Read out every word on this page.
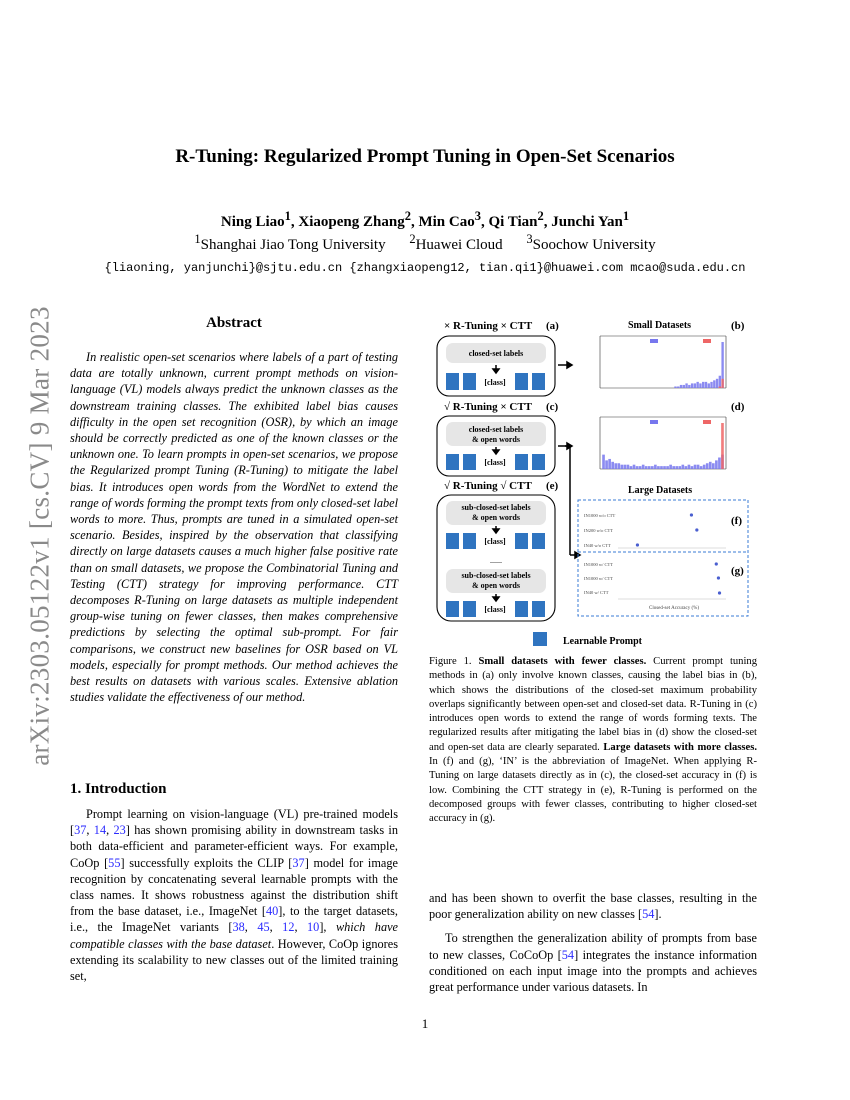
R-Tuning: Regularized Prompt Tuning in Open-Set Scenarios
Ning Liao$^1$, Xiaopeng Zhang$^2$, Min Cao$^3$, Qi Tian$^2$, Junchi Yan$^1$
$^1$Shanghai Jiao Tong University $^2$Huawei Cloud $^3$Soochow University
{liaoning, yanjunchi}@sjtu.edu.cn {zhangxiaopeng12, tian.qi1}@huawei.com mcao@suda.edu.cn
arXiv:2303.05122v1 [cs.CV] 9 Mar 2023	Abstract
In realistic open-set scenarios where labels of a part of testing data are totally unknown, current prompt methods on vision-language (VL) models always predict the unknown classes as the downstream training classes. The exhibited label bias causes difficulty in the open set recognition (OSR), by which an image should be correctly predicted as one of the known classes or the unknown one. To learn prompts in open-set scenarios, we propose the Regularized prompt Tuning (R-Tuning) to mitigate the label bias. It introduces open words from the WordNet to extend the range of words forming the prompt texts from only closed-set label words to more. Thus, prompts are tuned in a simulated open-set scenario. Besides, inspired by the observation that classifying directly on large datasets causes a much higher false positive rate than on small datasets, we propose the Combinatorial Tuning and Testing (CTT) strategy for improving performance. CTT decomposes R-Tuning on large datasets as multiple independent group-wise tuning on fewer classes, then makes comprehensive predictions by selecting the optimal sub-prompt. For fair comparisons, we construct new baselines for OSR based on VL models, especially for prompt methods. Our method achieves the best results on datasets with various scales. Extensive ablation studies validate the effectiveness of our method.
1. Introduction

Prompt learning on vision-language (VL) pre-trained models [37, 14, 23] has shown promising ability in downstream tasks in both data-efficient and parameter-efficient ways. For example, CoOp [55] successfully exploits the CLIP [37] model for image recognition by concatenating several learnable prompts with the class names. It shows robustness against the distribution shift from the base dataset, i.e., ImageNet [40], to the target datasets, i.e., the ImageNet variants [38, 45, 12, 10], which have compatible classes with the base dataset. However, CoOp ignores extending its scalability to new classes out of the limited training set,

and has been shown to overfit the base classes, resulting in the poor generalization ability on new classes [54].

To strengthen the generalization ability of prompts from base to new classes, CoCoOp [54] integrates the instance information conditioned on each input image into the prompts and achieves great performance under various datasets. In

× R-Tuning × CTT (a)
closed-set labels
[class]
√ R-Tuning × CTT (c)
closed-set labels
& open words
[class]
√ R-Tuning √ CTT (e)
sub-closed-set labels
& open words
[class]
......
sub-closed-set labels
& open words
[class]
Small Datasets	(b)
(d)
Large Datasets
(f)
(g)
IN1000 w/o CTT
IN200 w/o CTT
IN40 w/o CTT
IN1000 w/ CTT
IN1000 w/ CTT
IN40 w/ CTT
Closed-set Accuracy (%)
Learnable Prompt
Figure 1. Small datasets with fewer classes. Current prompt tuning methods in (a) only involve known classes, causing the label bias in (b), which shows the distributions of the closed-set maximum probability overlaps significantly between open-set and closed-set data. R-Tuning in (c) introduces open words to extend the range of words forming texts. The regularized results after mitigating the label bias in (d) show the closed-set and open-set data are clearly separated. Large datasets with more classes. In (f) and (g), ‘IN’ is the abbreviation of ImageNet. When applying R-Tuning on large datasets directly as in (c), the closed-set accuracy in (f) is low. Combining the CTT strategy in (e), R-Tuning is performed on the decomposed groups with fewer classes, contributing to higher closed-set accuracy in (g).
1
